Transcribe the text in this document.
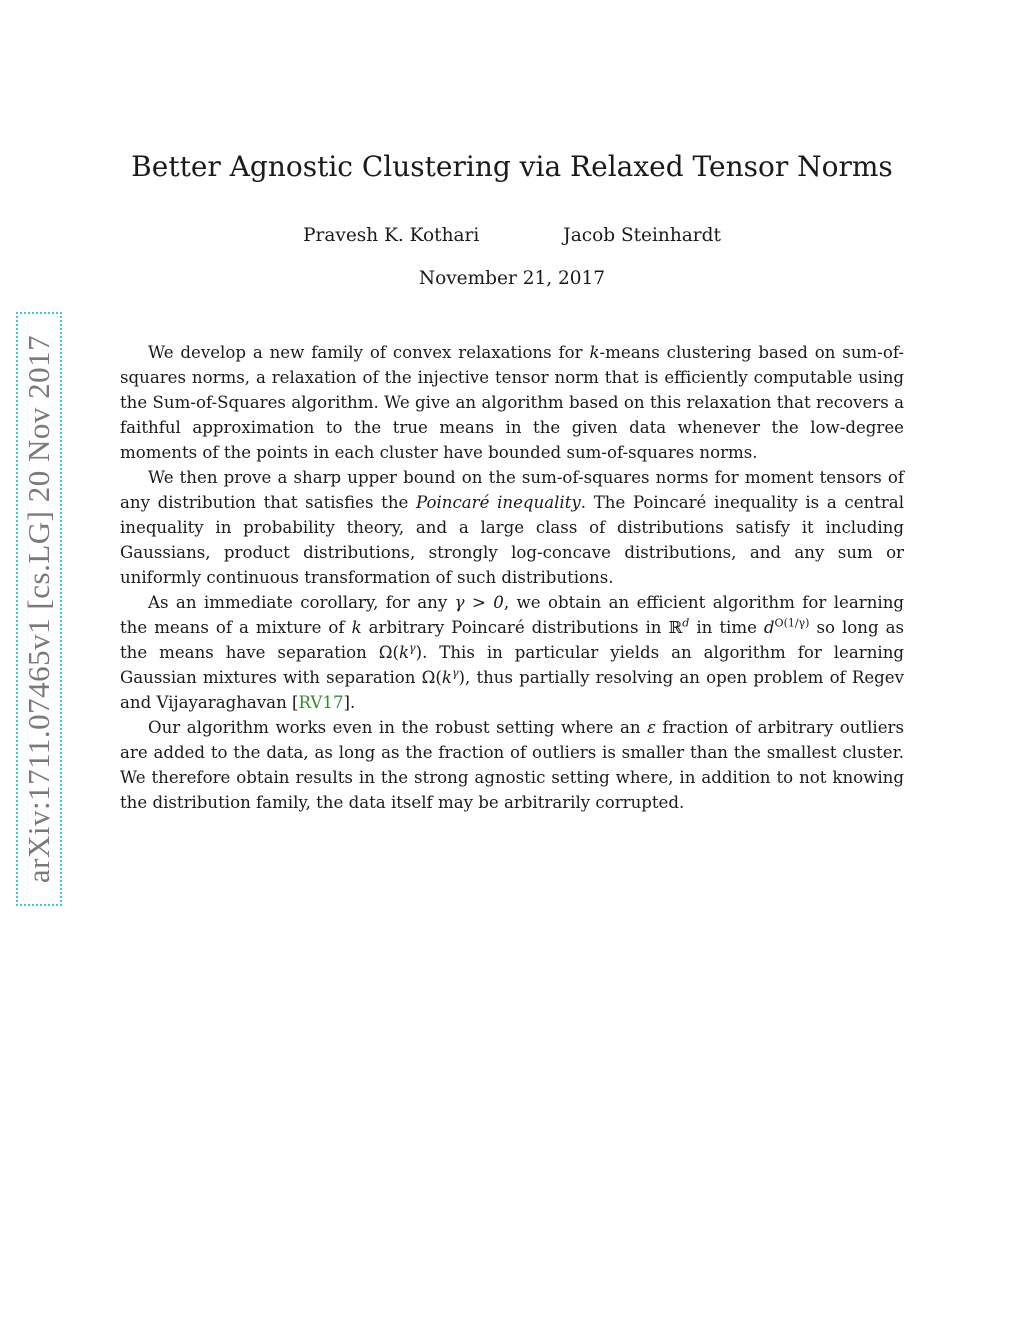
arXiv:1711.07465v1 [cs.LG] 20 Nov 2017
Better Agnostic Clustering via Relaxed Tensor Norms
Pravesh K. Kothari	Jacob Steinhardt
November 21, 2017

We develop a new family of convex relaxations for k-means clustering based on sum-of-squares norms, a relaxation of the injective tensor norm that is efficiently computable using the Sum-of-Squares algorithm. We give an algorithm based on this relaxation that recovers a faithful approximation to the true means in the given data whenever the low-degree moments of the points in each cluster have bounded sum-of-squares norms.

We then prove a sharp upper bound on the sum-of-squares norms for moment tensors of any distribution that satisfies the Poincaré inequality. The Poincaré inequality is a central inequality in probability theory, and a large class of distributions satisfy it including Gaussians, product distributions, strongly log-concave distributions, and any sum or uniformly continuous transformation of such distributions.

As an immediate corollary, for any γ > 0, we obtain an efficient algorithm for learning the means of a mixture of k arbitrary Poincaré distributions in ℝ$^d$ in time $d^{O(1/\gamma)}$ so long as the means have separation $\Omega(k^\gamma)$. This in particular yields an algorithm for learning Gaussian mixtures with separation $\Omega(k^\gamma)$, thus partially resolving an open problem of Regev and Vijayaraghavan [RV17].

Our algorithm works even in the robust setting where an ε fraction of arbitrary outliers are added to the data, as long as the fraction of outliers is smaller than the smallest cluster. We therefore obtain results in the strong agnostic setting where, in addition to not knowing the distribution family, the data itself may be arbitrarily corrupted.
